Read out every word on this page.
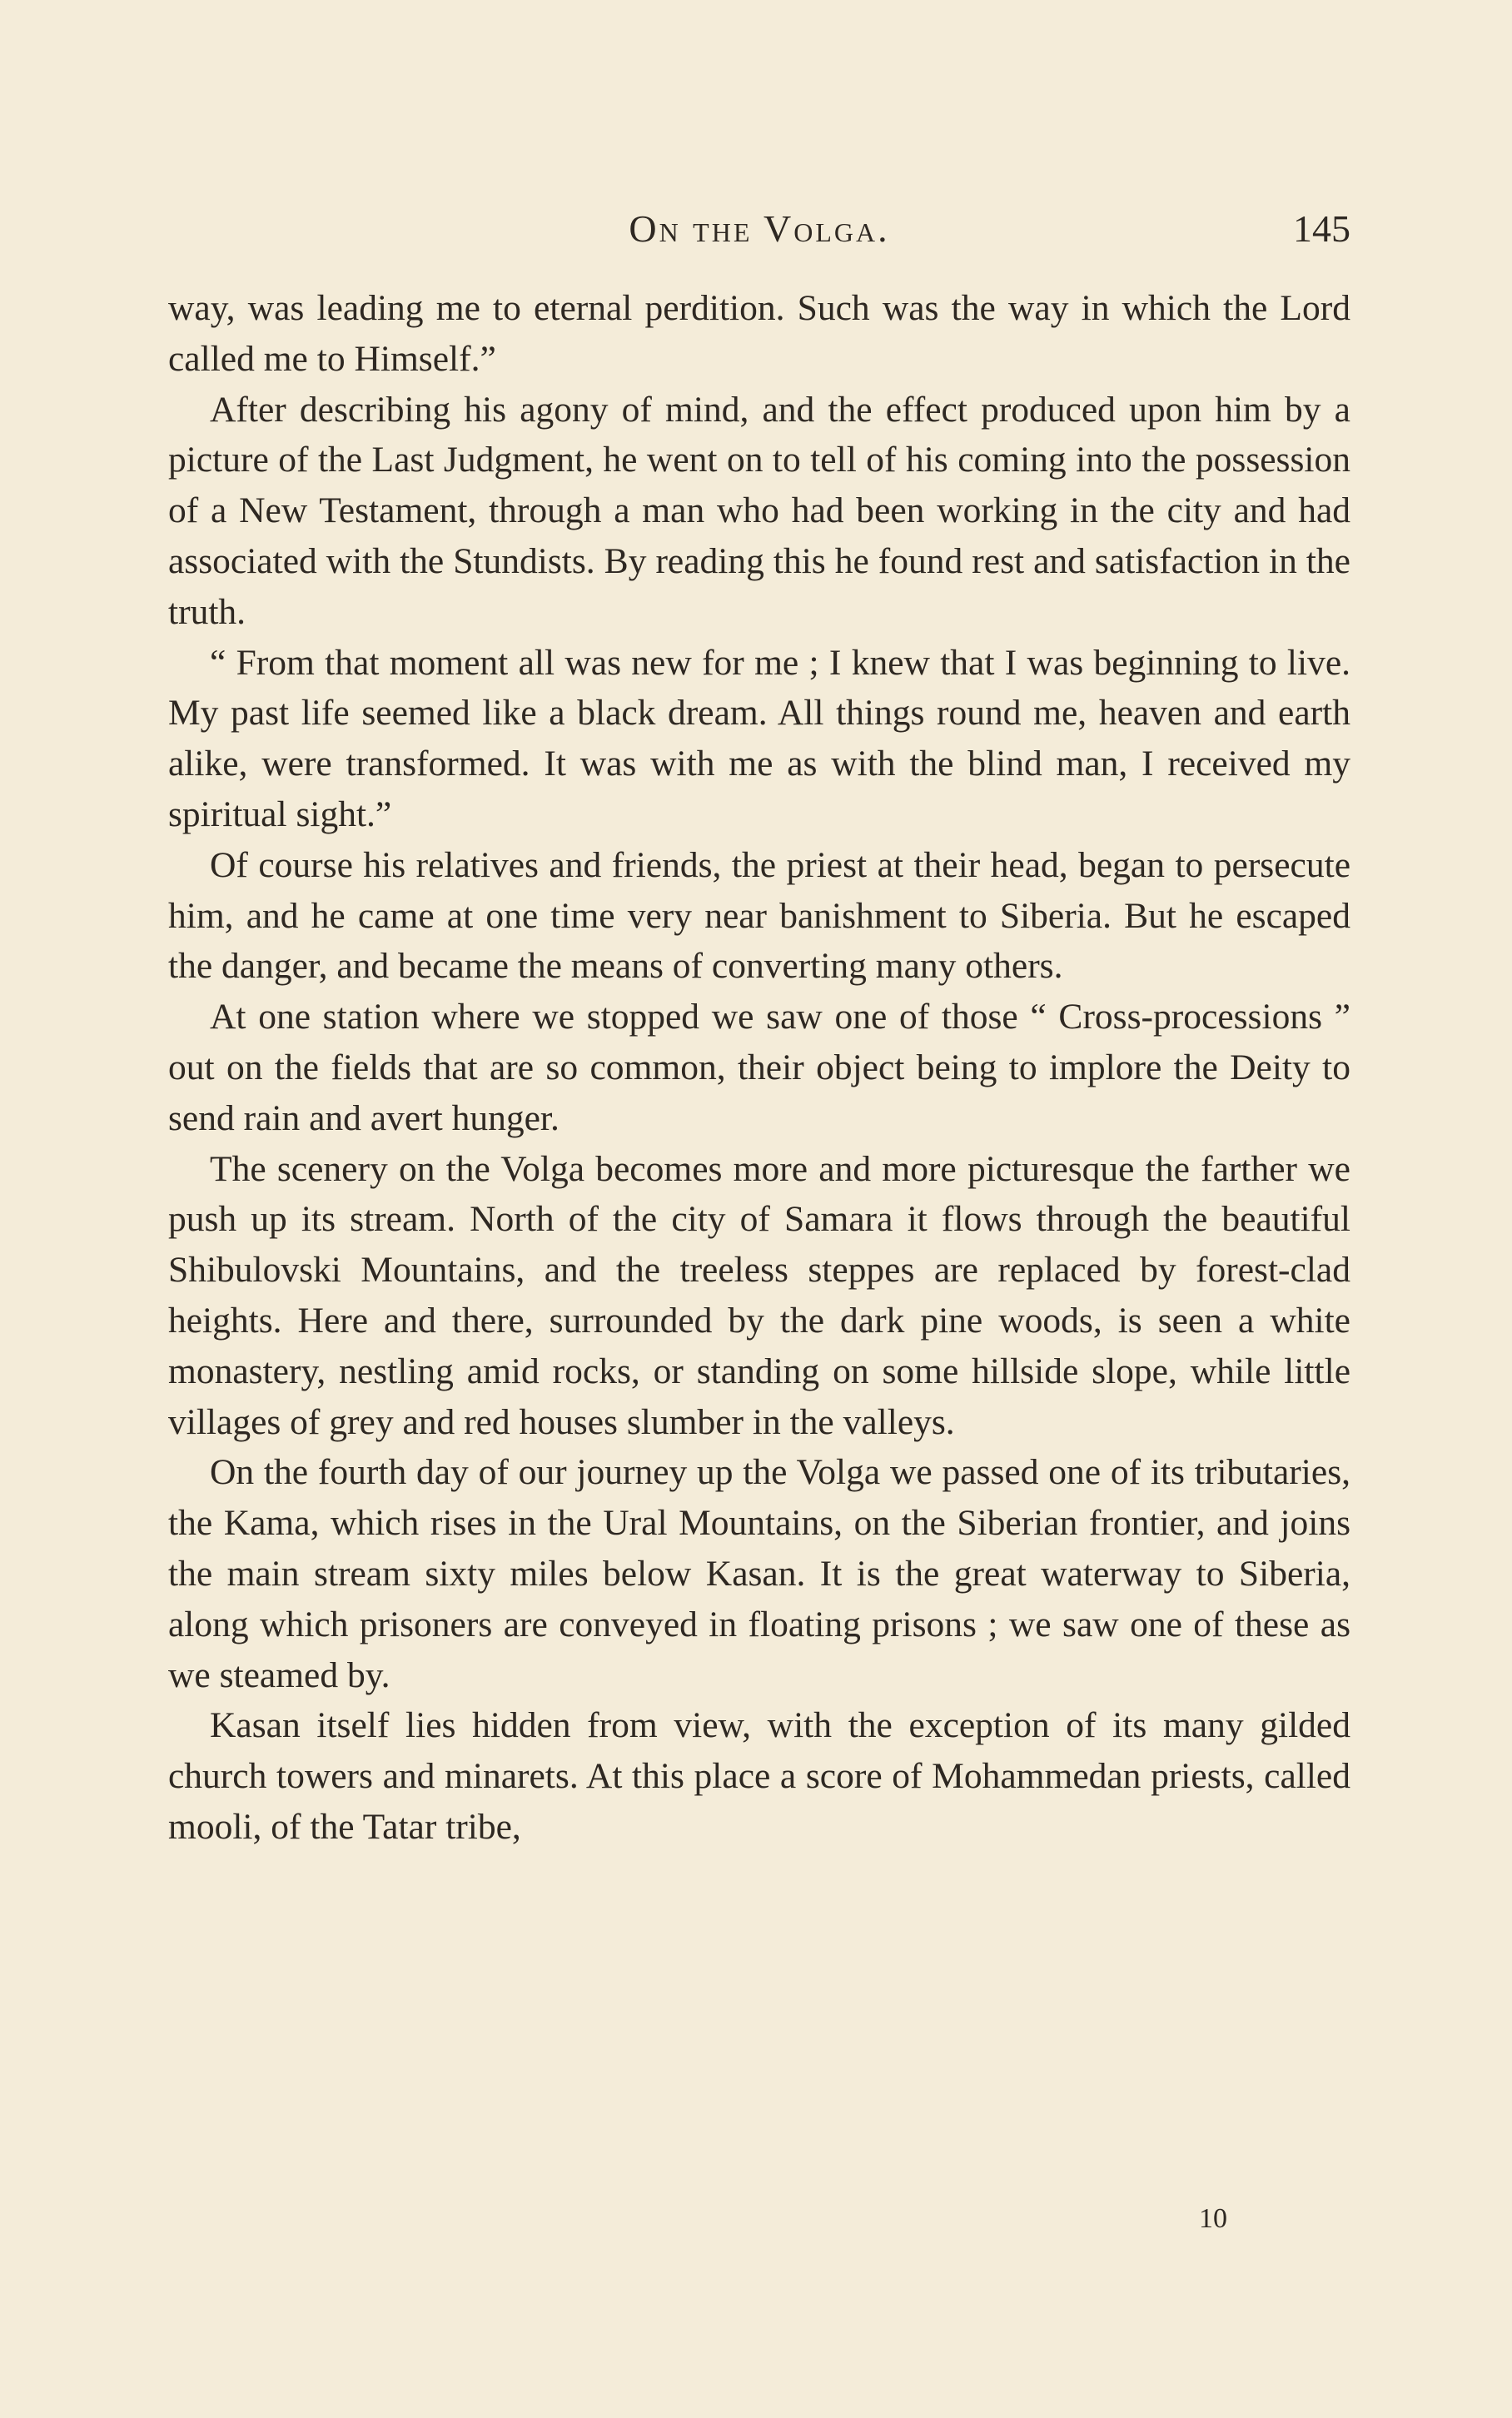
On the Volga.	145

way, was leading me to eternal perdition. Such was the way in which the Lord called me to Himself.”

After describing his agony of mind, and the effect produced upon him by a picture of the Last Judgment, he went on to tell of his coming into the possession of a New Testament, through a man who had been working in the city and had associated with the Stundists. By reading this he found rest and satisfaction in the truth.

“ From that moment all was new for me ; I knew that I was beginning to live. My past life seemed like a black dream. All things round me, heaven and earth alike, were transformed. It was with me as with the blind man, I received my spiritual sight.”

Of course his relatives and friends, the priest at their head, began to persecute him, and he came at one time very near banishment to Siberia. But he escaped the danger, and became the means of converting many others.

At one station where we stopped we saw one of those “ Cross-processions ” out on the fields that are so common, their object being to implore the Deity to send rain and avert hunger.

The scenery on the Volga becomes more and more picturesque the farther we push up its stream. North of the city of Samara it flows through the beautiful Shibulovski Mountains, and the treeless steppes are replaced by forest-clad heights. Here and there, surrounded by the dark pine woods, is seen a white monastery, nestling amid rocks, or standing on some hillside slope, while little villages of grey and red houses slumber in the valleys.

On the fourth day of our journey up the Volga we passed one of its tributaries, the Kama, which rises in the Ural Mountains, on the Siberian frontier, and joins the main stream sixty miles below Kasan. It is the great waterway to Siberia, along which prisoners are conveyed in floating prisons ; we saw one of these as we steamed by.

Kasan itself lies hidden from view, with the exception of its many gilded church towers and minarets. At this place a score of Mohammedan priests, called mooli, of the Tatar tribe,

10
